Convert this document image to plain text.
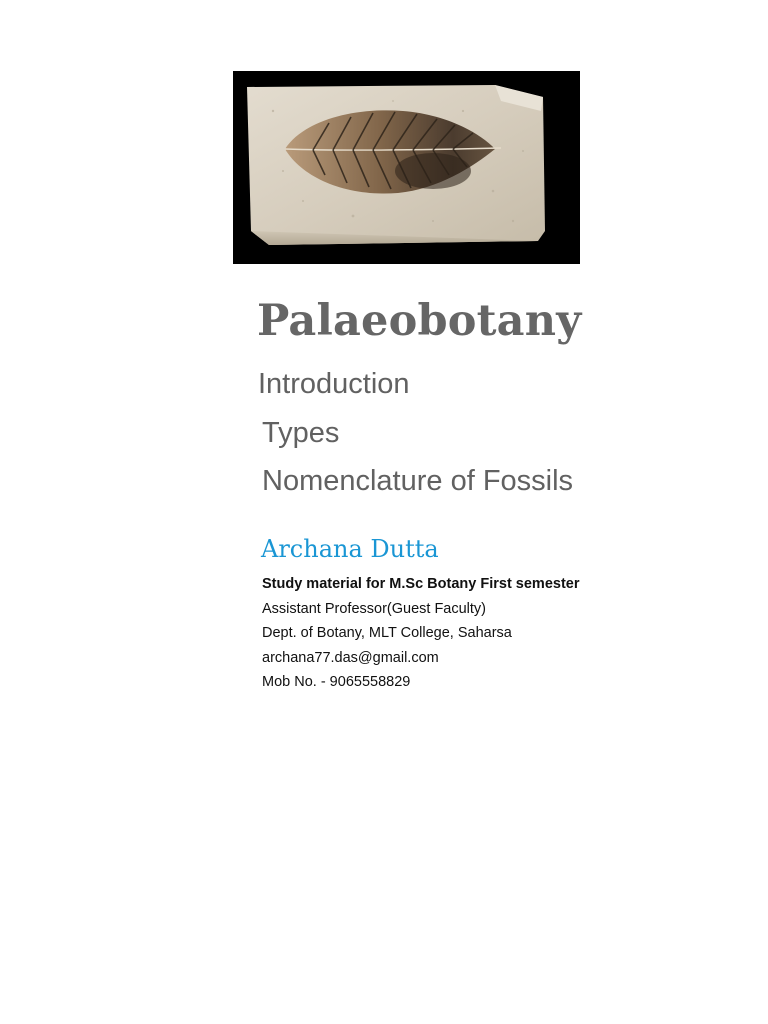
Palaeobotany
Introduction
Types
Nomenclature of Fossils
Archana Dutta
Study material for M.Sc Botany First semester
Assistant Professor(Guest Faculty)
Dept. of Botany, MLT College, Saharsa
archana77.das@gmail.com
Mob No. - 9065558829
